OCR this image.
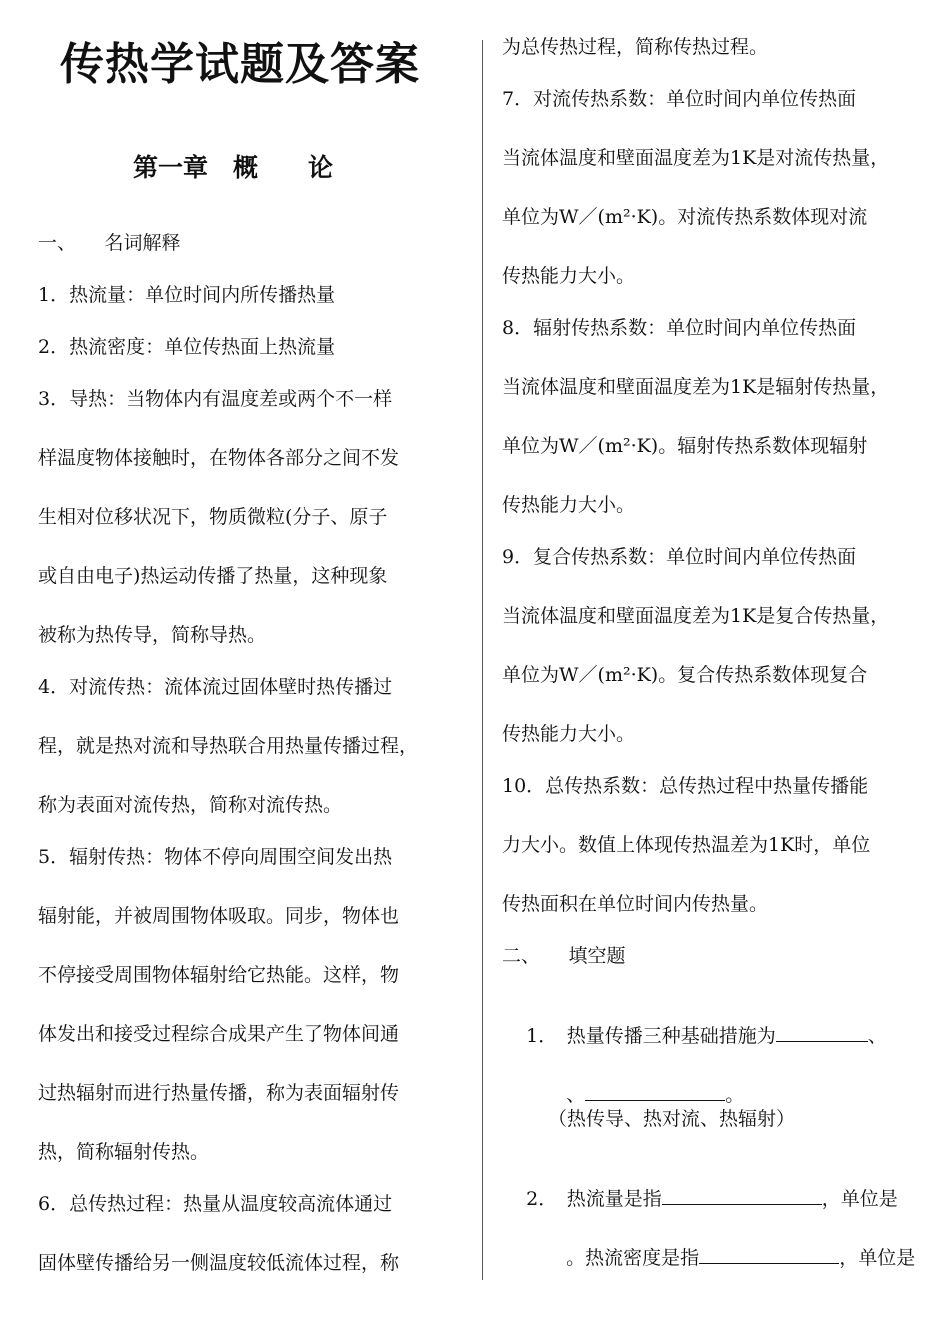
传热学试题及答案
第一章　概　　论
一、　　名词解释
1．热流量：单位时间内所传播热量
2．热流密度：单位传热面上热流量
3．导热：当物体内有温度差或两个不一样
样温度物体接触时，在物体各部分之间不发
生相对位移状况下，物质微粒(分子、原子
或自由电子)热运动传播了热量，这种现象
被称为热传导，简称导热。
4．对流传热：流体流过固体壁时热传播过
程，就是热对流和导热联合用热量传播过程，
称为表面对流传热，简称对流传热。
5．辐射传热：物体不停向周围空间发出热
辐射能，并被周围物体吸取。同步，物体也
不停接受周围物体辐射给它热能。这样，物
体发出和接受过程综合成果产生了物体间通
过热辐射而进行热量传播，称为表面辐射传
热，简称辐射传热。
6．总传热过程：热量从温度较高流体通过
固体壁传播给另一侧温度较低流体过程，称
为总传热过程，简称传热过程。
7．对流传热系数：单位时间内单位传热面
当流体温度和壁面温度差为1K是对流传热量，
单位为W／(m²·K)。对流传热系数体现对流
传热能力大小。
8．辐射传热系数：单位时间内单位传热面
当流体温度和壁面温度差为1K是辐射传热量，
单位为W／(m²·K)。辐射传热系数体现辐射
传热能力大小。
9．复合传热系数：单位时间内单位传热面
当流体温度和壁面温度差为1K是复合传热量，
单位为W／(m²·K)。复合传热系数体现复合
传热能力大小。
10．总传热系数：总传热过程中热量传播能
力大小。数值上体现传热温差为1K时，单位
传热面积在单位时间内传热量。
二、　　填空题

1．　热量传播三种基础措施为	、

、	。

（热传导、热对流、热辐射）

2．　热流量是指	，单位是

。热流密度是指	，单位是
